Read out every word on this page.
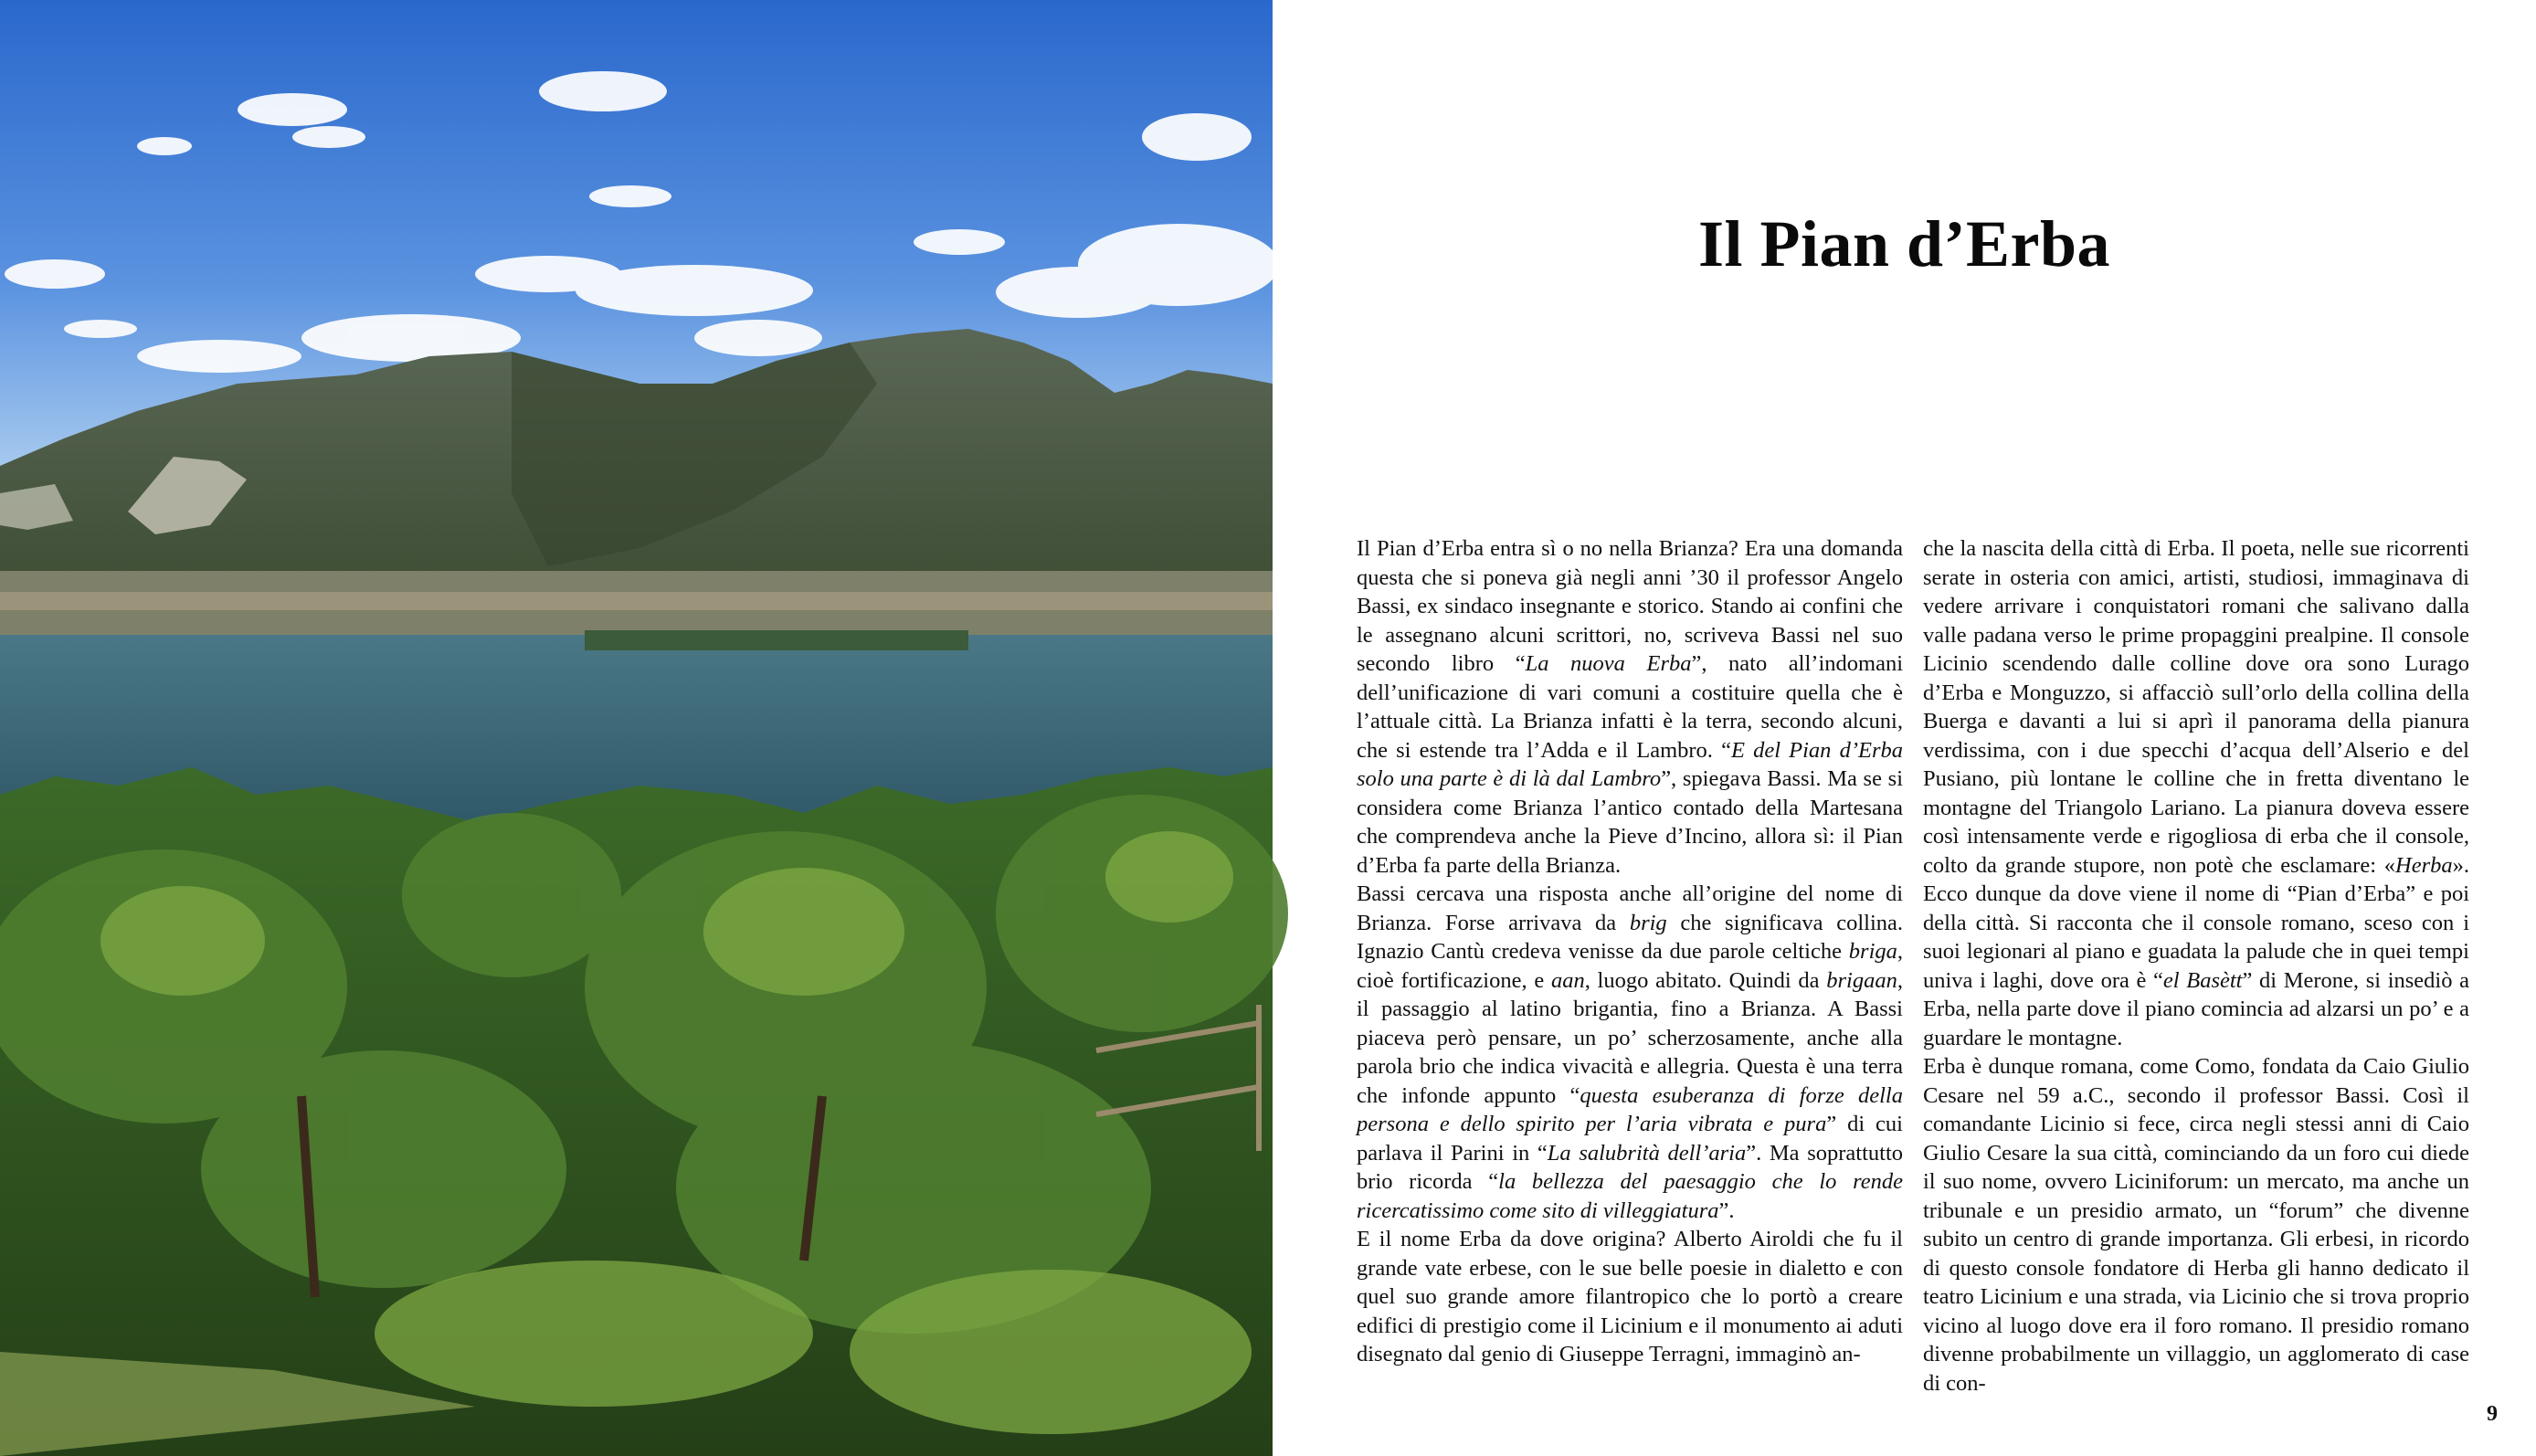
Il Pian d’Erba

Il Pian d’Erba entra sì o no nella Brianza? Era una domanda questa che si poneva già negli anni ’30 il professor Angelo Bassi, ex sindaco insegnante e storico. Stando ai confini che le assegnano alcuni scrittori, no, scriveva Bassi nel suo secondo libro “La nuova Erba”, nato all’indomani dell’unificazione di vari comuni a costituire quella che è l’attuale città. La Brianza infatti è la terra, secondo alcuni, che si estende tra l’Adda e il Lambro. “E del Pian d’Erba solo una parte è di là dal Lambro”, spiegava Bassi. Ma se si considera come Brianza l’antico contado della Martesana che comprendeva anche la Pieve d’Incino, allora sì: il Pian d’Erba fa parte della Brianza.

Bassi cercava una risposta anche all’origine del nome di Brianza. Forse arrivava da brig che significava collina. Ignazio Cantù credeva venisse da due parole celtiche briga, cioè fortificazione, e aan, luogo abitato. Quindi da brigaan, il passaggio al latino brigantia, fino a Brianza. A Bassi piaceva però pensare, un po’ scherzosamente, anche alla parola brio che indica vivacità e allegria. Questa è una terra che infonde appunto “questa esuberanza di forze della persona e dello spirito per l’aria vibrata e pura” di cui parlava il Parini in “La salubrità dell’aria”. Ma soprattutto brio ricorda “la bellezza del paesaggio che lo rende ricercatissimo come sito di villeggiatura”.

E il nome Erba da dove origina? Alberto Airoldi che fu il grande vate erbese, con le sue belle poesie in dialetto e con quel suo grande amore filantropico che lo portò a creare edifici di prestigio come il Licinium e il monumento ai aduti disegnato dal genio di Giuseppe Terragni, immaginò an-

che la nascita della città di Erba. Il poeta, nelle sue ricorrenti serate in osteria con amici, artisti, studiosi, immaginava di vedere arrivare i conquistatori romani che salivano dalla valle padana verso le prime propaggini prealpine. Il console Licinio scendendo dalle colline dove ora sono Lurago d’Erba e Monguzzo, si affacciò sull’orlo della collina della Buerga e davanti a lui si aprì il panorama della pianura verdissima, con i due specchi d’acqua dell’Alserio e del Pusiano, più lontane le colline che in fretta diventano le montagne del Triangolo Lariano. La pianura doveva essere così intensamente verde e rigogliosa di erba che il console, colto da grande stupore, non potè che esclamare: «Herba». Ecco dunque da dove viene il nome di “Pian d’Erba” e poi della città. Si racconta che il console romano, sceso con i suoi legionari al piano e guadata la palude che in quei tempi univa i laghi, dove ora è “el Basètt” di Merone, si insediò a Erba, nella parte dove il piano comincia ad alzarsi un po’ e a guardare le montagne.

Erba è dunque romana, come Como, fondata da Caio Giulio Cesare nel 59 a.C., secondo il professor Bassi. Così il comandante Licinio si fece, circa negli stessi anni di Caio Giulio Cesare la sua città, cominciando da un foro cui diede il suo nome, ovvero Liciniforum: un mercato, ma anche un tribunale e un presidio armato, un “forum” che divenne subito un centro di grande importanza. Gli erbesi, in ricordo di questo console fondatore di Herba gli hanno dedicato il teatro Licinium e una strada, via Licinio che si trova proprio vicino al luogo dove era il foro romano. Il presidio romano divenne probabilmente un villaggio, un agglomerato di case di con-

9
